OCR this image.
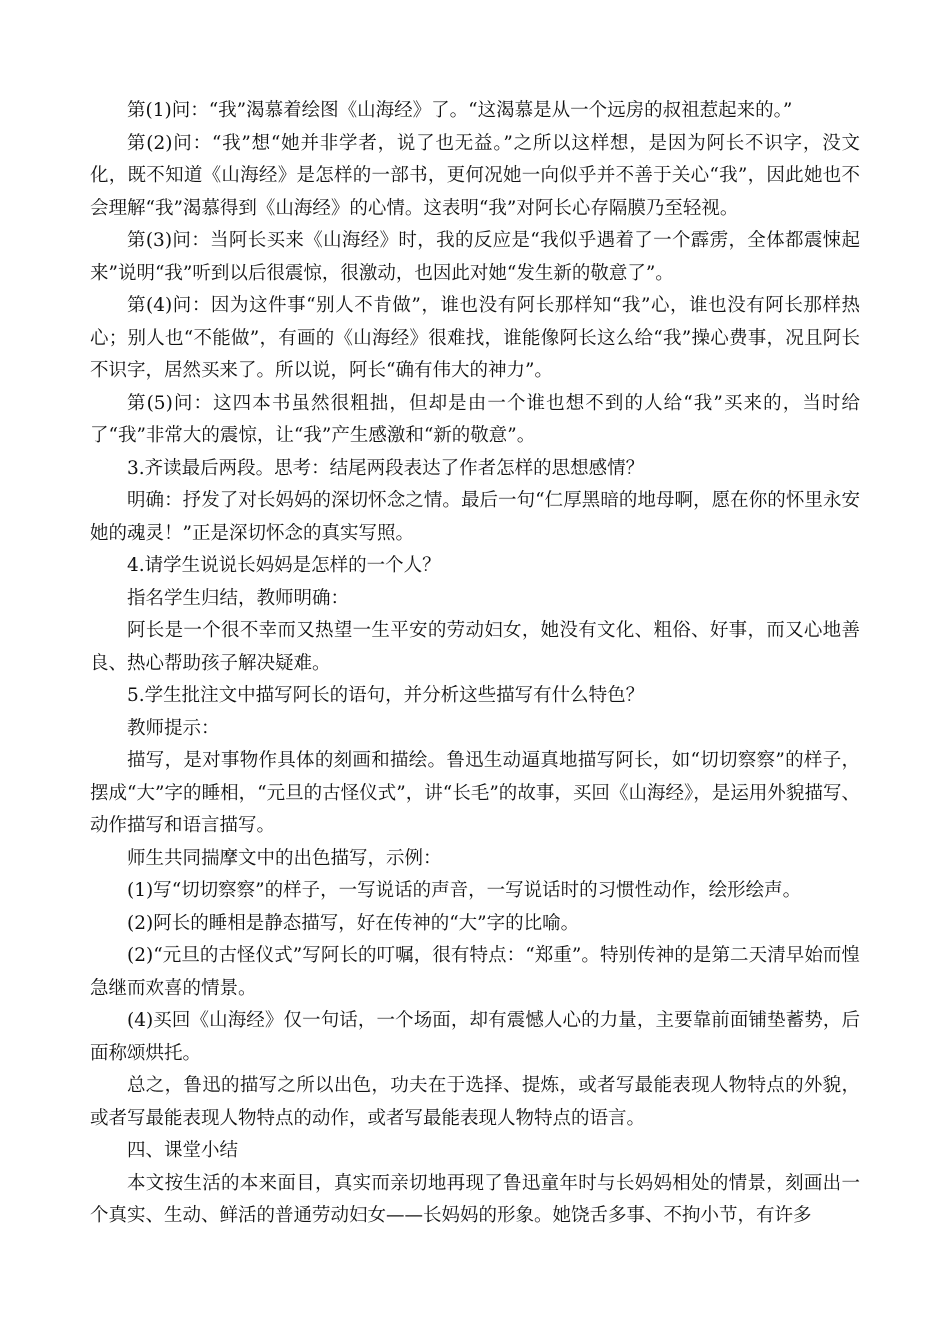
第(1)问：“我”渴慕着绘图《山海经》了。“这渴慕是从一个远房的叔祖惹起来的。”

第(2)问：“我”想“她并非学者，说了也无益。”之所以这样想，是因为阿长不识字，没文化，既不知道《山海经》是怎样的一部书，更何况她一向似乎并不善于关心“我”，因此她也不会理解“我”渴慕得到《山海经》的心情。这表明“我”对阿长心存隔膜乃至轻视。

第(3)问：当阿长买来《山海经》时，我的反应是“我似乎遇着了一个霹雳，全体都震悚起来”说明“我”听到以后很震惊，很激动，也因此对她“发生新的敬意了”。

第(4)问：因为这件事“别人不肯做”，谁也没有阿长那样知“我”心，谁也没有阿长那样热心；别人也“不能做”，有画的《山海经》很难找，谁能像阿长这么给“我”操心费事，况且阿长不识字，居然买来了。所以说，阿长“确有伟大的神力”。

第(5)问：这四本书虽然很粗拙，但却是由一个谁也想不到的人给“我”买来的，当时给了“我”非常大的震惊，让“我”产生感激和“新的敬意”。

3.齐读最后两段。思考：结尾两段表达了作者怎样的思想感情？

明确：抒发了对长妈妈的深切怀念之情。最后一句“仁厚黑暗的地母啊，愿在你的怀里永安她的魂灵！”正是深切怀念的真实写照。

4.请学生说说长妈妈是怎样的一个人？

指名学生归结，教师明确：

阿长是一个很不幸而又热望一生平安的劳动妇女，她没有文化、粗俗、好事，而又心地善良、热心帮助孩子解决疑难。

5.学生批注文中描写阿长的语句，并分析这些描写有什么特色？

教师提示：

描写，是对事物作具体的刻画和描绘。鲁迅生动逼真地描写阿长，如“切切察察”的样子，摆成“大”字的睡相，“元旦的古怪仪式”，讲“长毛”的故事，买回《山海经》，是运用外貌描写、动作描写和语言描写。

师生共同揣摩文中的出色描写，示例：

(1)写“切切察察”的样子，一写说话的声音，一写说话时的习惯性动作，绘形绘声。

(2)阿长的睡相是静态描写，好在传神的“大”字的比喻。

(2)“元旦的古怪仪式”写阿长的叮嘱，很有特点：“郑重”。特别传神的是第二天清早始而惶急继而欢喜的情景。

(4)买回《山海经》仅一句话，一个场面，却有震憾人心的力量，主要靠前面铺垫蓄势，后面称颂烘托。

总之，鲁迅的描写之所以出色，功夫在于选择、提炼，或者写最能表现人物特点的外貌，或者写最能表现人物特点的动作，或者写最能表现人物特点的语言。

四、课堂小结

本文按生活的本来面目，真实而亲切地再现了鲁迅童年时与长妈妈相处的情景，刻画出一个真实、生动、鲜活的普通劳动妇女——长妈妈的形象。她饶舌多事、不拘小节，有许多
